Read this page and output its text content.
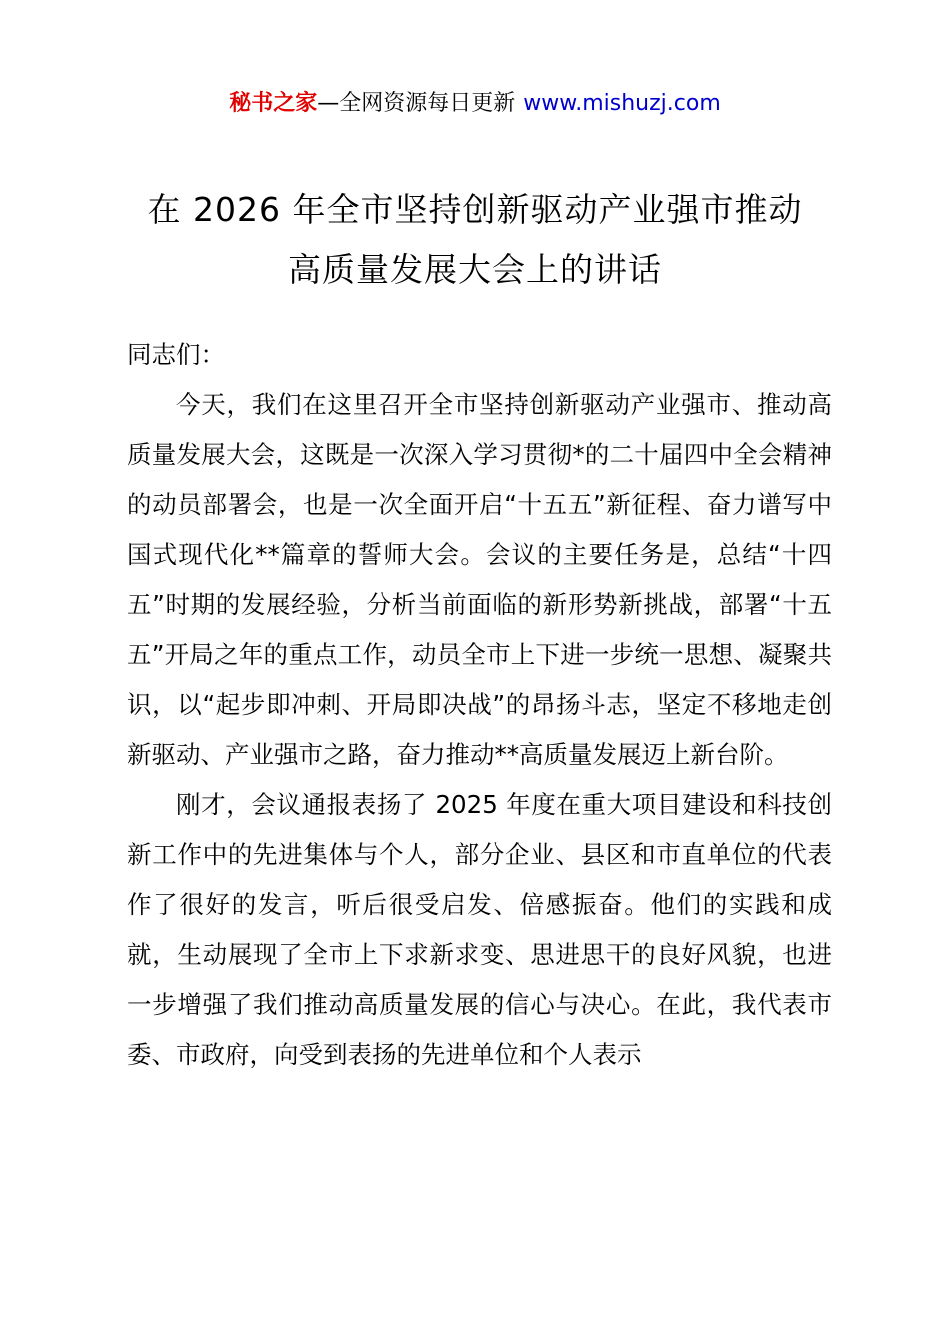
秘书之家—全网资源每日更新 www.mishuzj.com
在 2026 年全市坚持创新驱动产业强市推动
高质量发展大会上的讲话

同志们：

今天，我们在这里召开全市坚持创新驱动产业强市、推动高质量发展大会，这既是一次深入学习贯彻*的二十届四中全会精神的动员部署会，也是一次全面开启“十五五”新征程、奋力谱写中国式现代化**篇章的誓师大会。会议的主要任务是，总结“十四五”时期的发展经验，分析当前面临的新形势新挑战，部署“十五五”开局之年的重点工作，动员全市上下进一步统一思想、凝聚共识，以“起步即冲刺、开局即决战”的昂扬斗志，坚定不移地走创新驱动、产业强市之路，奋力推动**高质量发展迈上新台阶。

刚才，会议通报表扬了 2025 年度在重大项目建设和科技创新工作中的先进集体与个人，部分企业、县区和市直单位的代表作了很好的发言，听后很受启发、倍感振奋。他们的实践和成就，生动展现了全市上下求新求变、思进思干的良好风貌，也进一步增强了我们推动高质量发展的信心与决心。在此，我代表市委、市政府，向受到表扬的先进单位和个人表示
